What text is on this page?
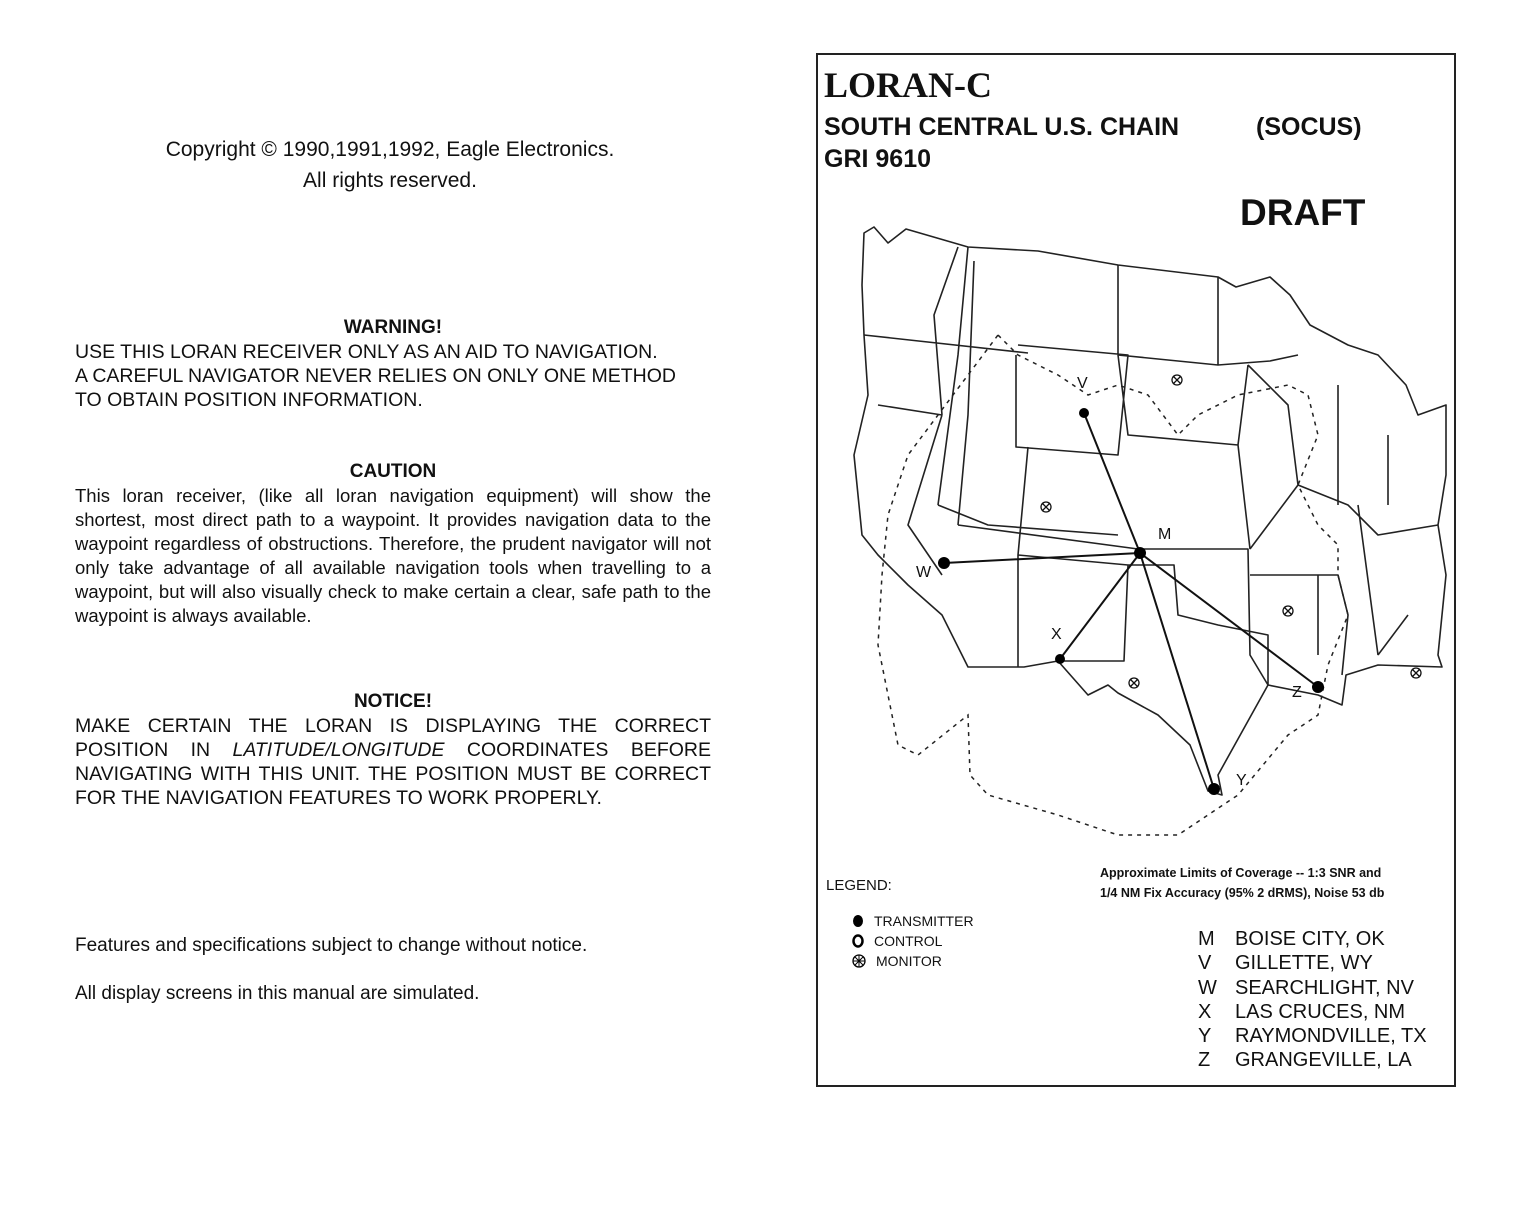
Copyright © 1990,1991,1992, Eagle Electronics.
All rights reserved.
WARNING!
USE THIS LORAN RECEIVER ONLY AS AN AID TO NAVIGATION.
A CAREFUL NAVIGATOR NEVER RELIES ON ONLY ONE METHOD
TO OBTAIN POSITION INFORMATION.
CAUTION
This loran receiver, (like all loran navigation equipment) will show the shortest, most direct path to a waypoint. It provides navigation data to the waypoint regardless of obstructions. Therefore, the prudent navigator will not only take advantage of all available navigation tools when travelling to a waypoint, but will also visually check to make certain a clear, safe path to the waypoint is always available.
NOTICE!
MAKE CERTAIN THE LORAN IS DISPLAYING THE CORRECT POSITION IN LATITUDE/LONGITUDE COORDINATES BEFORE NAVIGATING WITH THIS UNIT. THE POSITION MUST BE CORRECT FOR THE NAVIGATION FEATURES TO WORK PROPERLY.
Features and specifications subject to change without notice.
All display screens in this manual are simulated.
LORAN-C
SOUTH CENTRAL U.S. CHAIN	(SOCUS)
GRI 9610
DRAFT
V
M
W
X
Y
Z
LEGEND:
TRANSMITTER
CONTROL
MONITOR
Approximate Limits of Coverage -- 1:3 SNR and
1/4 NM Fix Accuracy (95% 2 dRMS), Noise 53 db
M	BOISE CITY, OK
V	GILLETTE, WY
W SEARCHLIGHT, NV
X	LAS CRUCES, NM
Y	RAYMONDVILLE, TX
Z	GRANGEVILLE, LA
